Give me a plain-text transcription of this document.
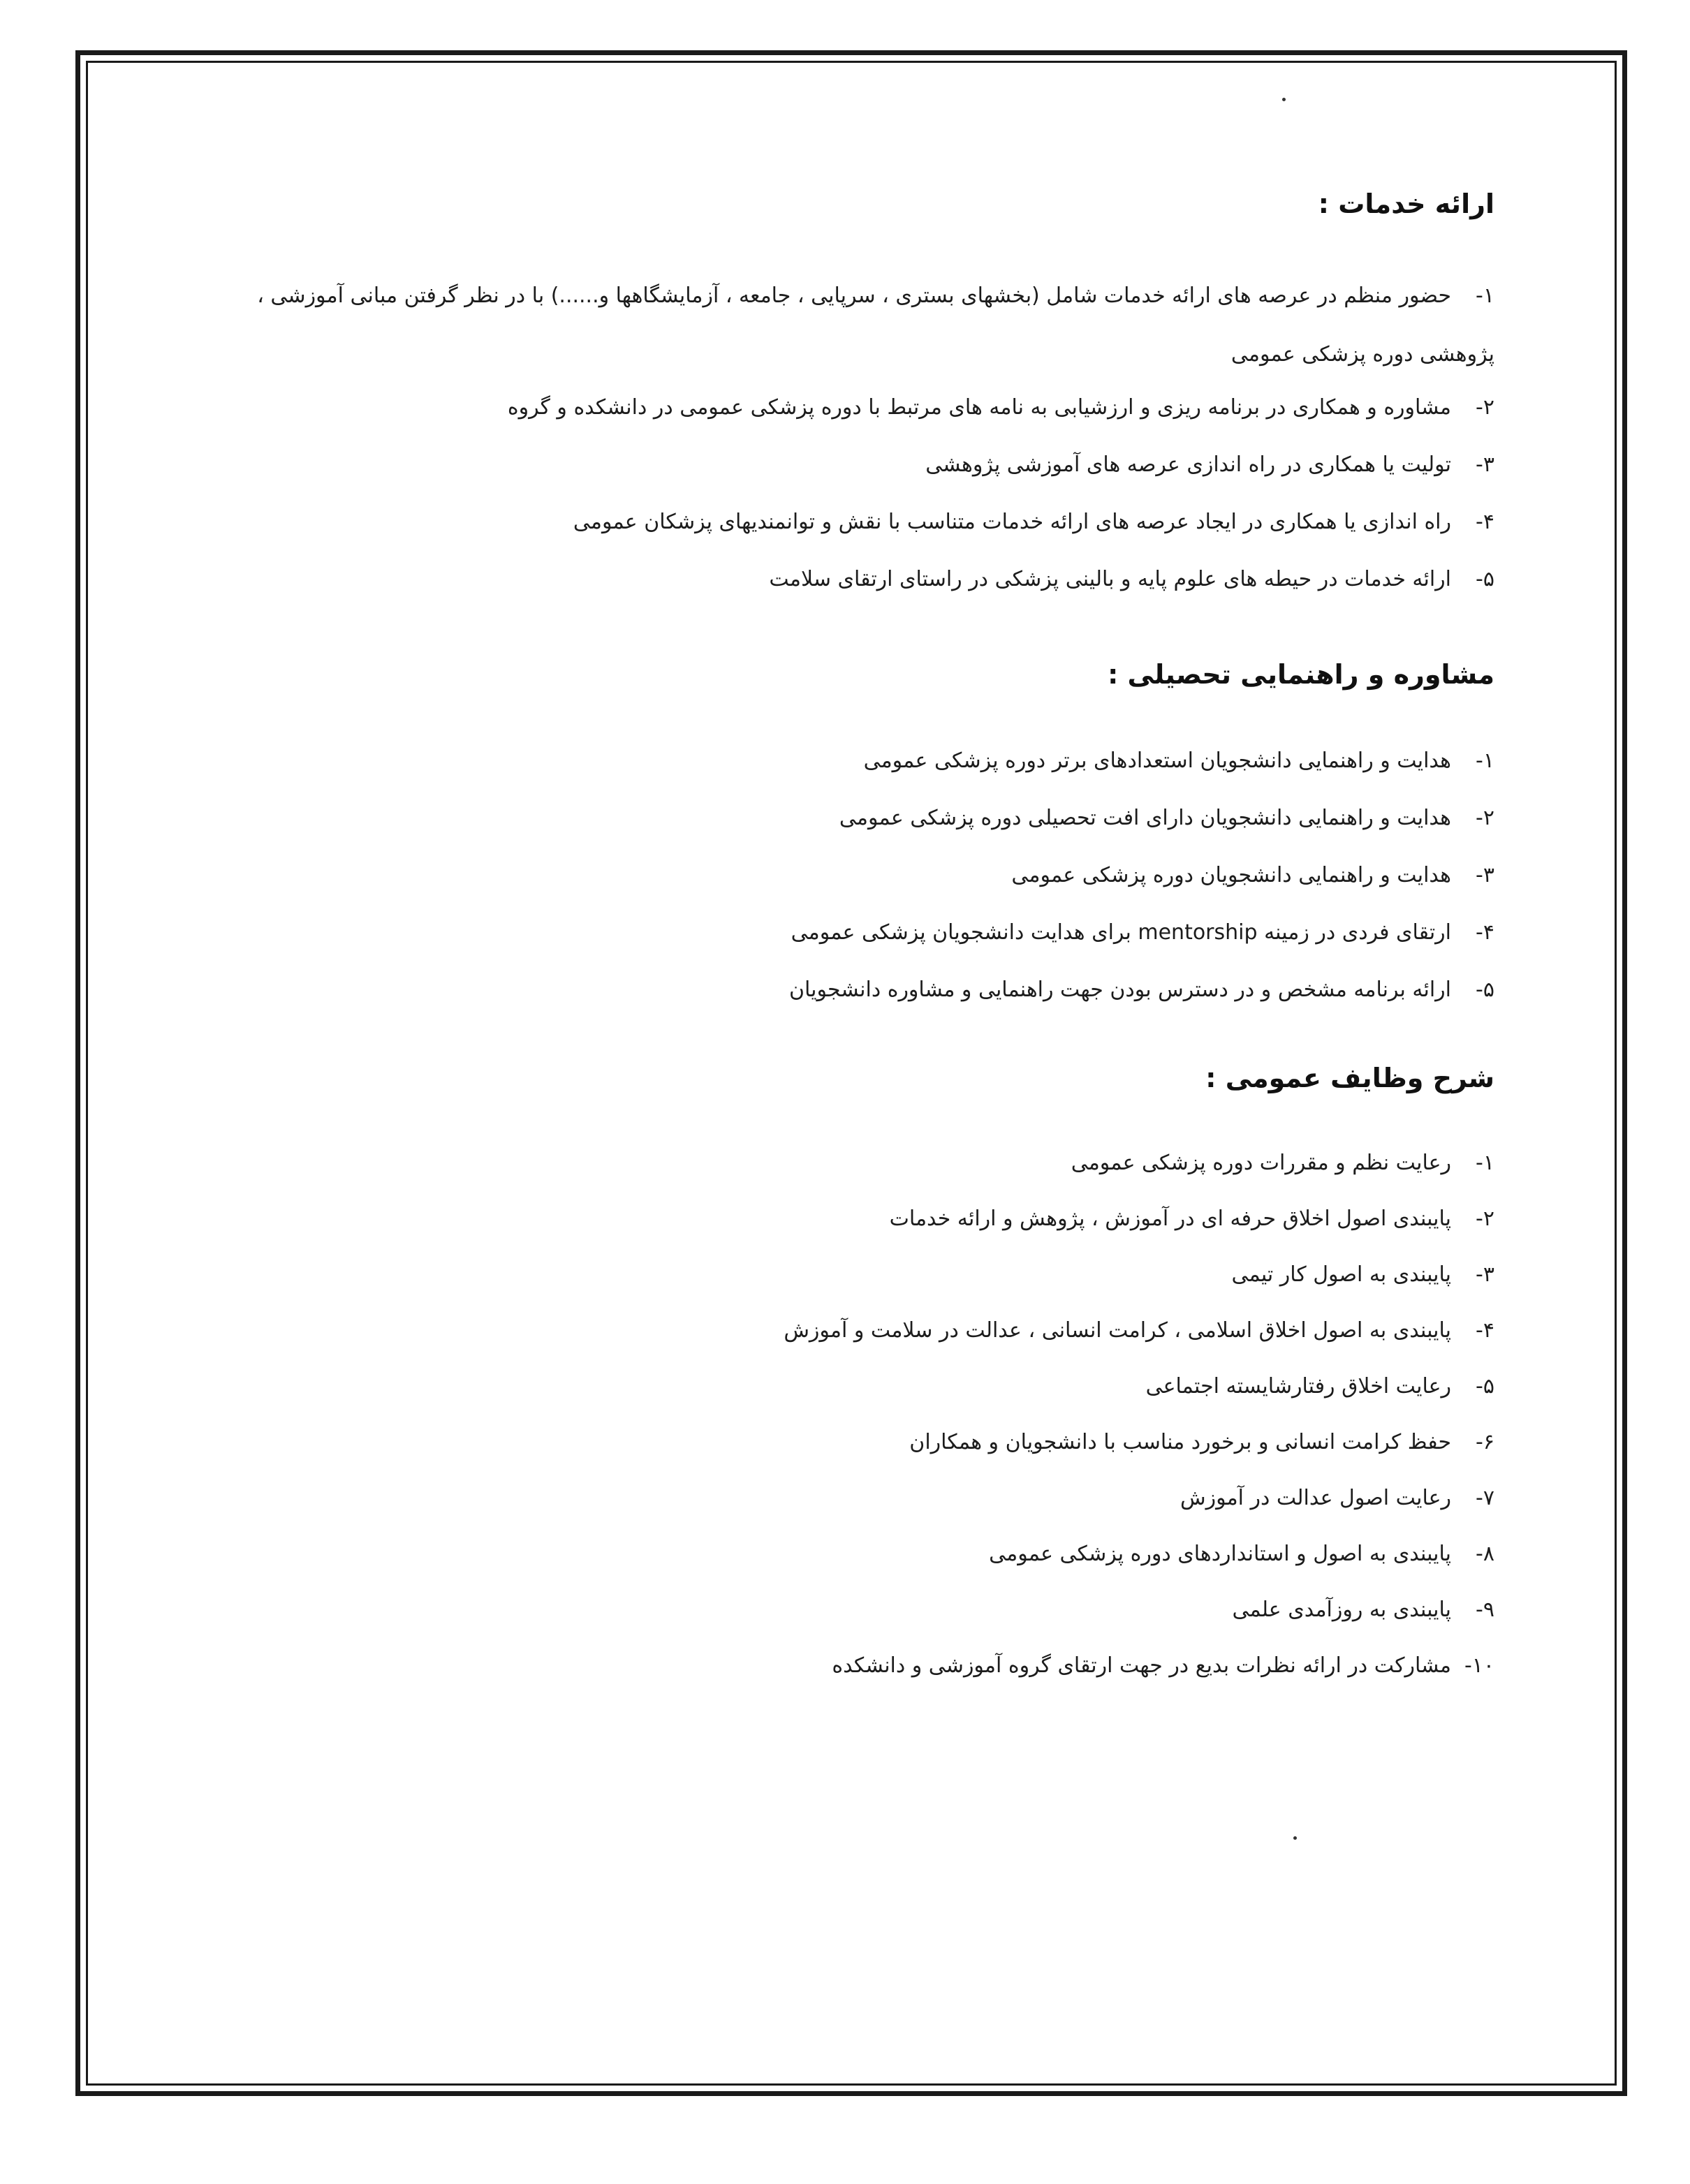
ارائه خدمات :
۱-حضور منظم در عرصه های ارائه خدمات شامل (بخشهای بستری ، سرپایی ، جامعه ، آزمایشگاهها و......) با در نظر گرفتن مبانی آموزشی ، پژوهشی دوره پزشکی عمومی
۲-مشاوره و همکاری در برنامه ریزی و ارزشیابی به نامه های مرتبط با دوره پزشکی عمومی در دانشکده و گروه
۳-تولیت یا همکاری در راه اندازی عرصه های آموزشی پژوهشی
۴-راه اندازی یا همکاری در ایجاد عرصه های ارائه خدمات متناسب با نقش و توانمندیهای پزشکان عمومی
۵-ارائه خدمات در حیطه های علوم پایه و بالینی پزشکی در راستای ارتقای سلامت
مشاوره و راهنمایی تحصیلی :
۱-هدایت و راهنمایی دانشجویان استعدادهای برتر دوره پزشکی عمومی
۲-هدایت و راهنمایی دانشجویان دارای افت تحصیلی دوره پزشکی عمومی
۳-هدایت و راهنمایی دانشجویان دوره پزشکی عمومی
۴-ارتقای فردی در زمینه mentorship برای هدایت دانشجویان پزشکی عمومی
۵-ارائه برنامه مشخص و در دسترس بودن جهت راهنمایی و مشاوره دانشجویان
شرح وظایف عمومی :
۱-رعایت نظم و مقررات دوره پزشکی عمومی
۲-پایبندی اصول اخلاق حرفه ای در آموزش ، پژوهش و ارائه خدمات
۳-پایبندی به اصول کار تیمی
۴-پایبندی به اصول اخلاق اسلامی ، کرامت انسانی ، عدالت در سلامت و آموزش
۵-رعایت اخلاق رفتارشایسته اجتماعی
۶-حفظ کرامت انسانی و برخورد مناسب با دانشجویان و همکاران
۷-رعایت اصول عدالت در آموزش
۸-پایبندی به اصول و استانداردهای دوره پزشکی عمومی
۹-پایبندی به روزآمدی علمی
۱۰-مشارکت در ارائه نظرات بدیع در جهت ارتقای گروه آموزشی و دانشکده
